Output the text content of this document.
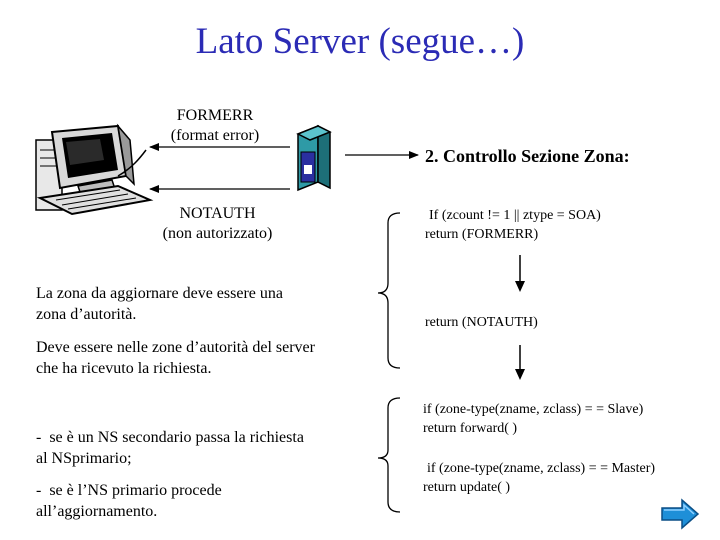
Lato Server (segue…)
FORMERR
(format error)
NOTAUTH
(non autorizzato)
La zona da aggiornare deve essere una
zona d’autorità.
Deve essere nelle zone d’autorità del server
che ha ricevuto la richiesta.
- se è un NS secondario passa la richiesta
al NSprimario;
- se è l’NS primario procede
all’aggiornamento.
2. Controllo Sezione Zona:
If (zcount != 1 || ztype = SOA)
return (FORMERR)
return (NOTAUTH)
if (zone-type(zname, zclass) = = Slave)
return forward( )
if (zone-type(zname, zclass) = = Master)
return update( )
